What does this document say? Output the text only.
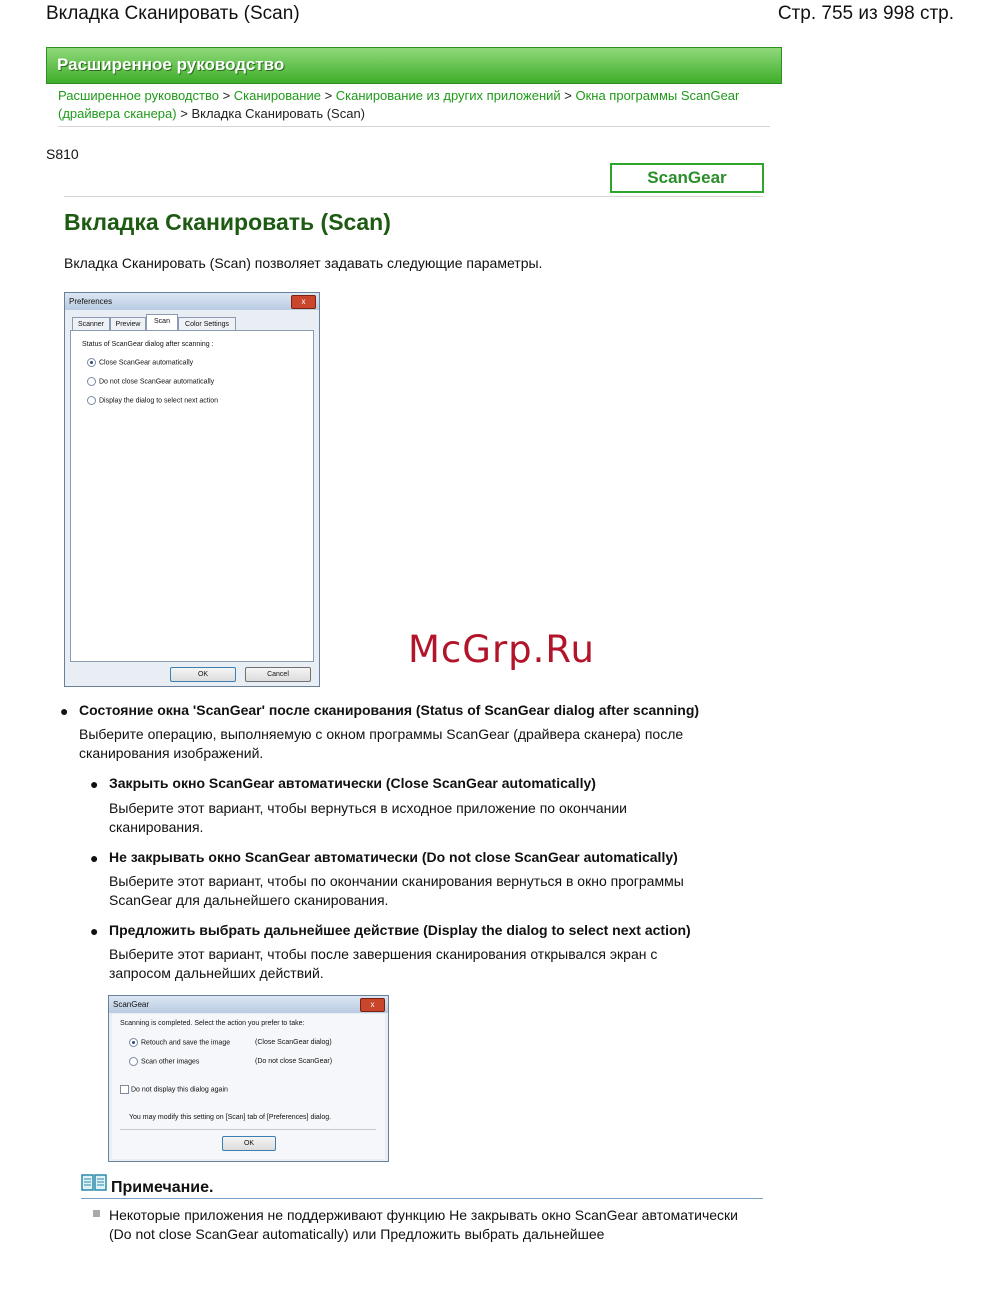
Вкладка Сканировать (Scan)	Стр. 755 из 998 стр.
Расширенное руководство
Расширенное руководство > Сканирование > Сканирование из других приложений > Окна программы ScanGear (драйвера сканера) > Вкладка Сканировать (Scan)
S810
ScanGear
Вкладка Сканировать (Scan)
Вкладка Сканировать (Scan) позволяет задавать следующие параметры.
Preferences	x
Scanner	Preview	Scan	Color Settings
Status of ScanGear dialog after scanning :
Close ScanGear automatically
Do not close ScanGear automatically
Display the dialog to select next action
OK	Cancel
McGrp.Ru
● Состояние окна 'ScanGear' после сканирования (Status of ScanGear dialog after scanning)
Выберите операцию, выполняемую с окном программы ScanGear (драйвера сканера) после сканирования изображений.
● Закрыть окно ScanGear автоматически (Close ScanGear automatically)
Выберите этот вариант, чтобы вернуться в исходное приложение по окончании сканирования.
● Не закрывать окно ScanGear автоматически (Do not close ScanGear automatically)
Выберите этот вариант, чтобы по окончании сканирования вернуться в окно программы ScanGear для дальнейшего сканирования.
● Предложить выбрать дальнейшее действие (Display the dialog to select next action)
Выберите этот вариант, чтобы после завершения сканирования открывался экран с запросом дальнейших действий.
ScanGear	x
Scanning is completed. Select the action you prefer to take:
Retouch and save the image	(Close ScanGear dialog)
Scan other images	(Do not close ScanGear)
Do not display this dialog again
You may modify this setting on [Scan] tab of [Preferences] dialog.
OK
Примечание.
Некоторые приложения не поддерживают функцию Не закрывать окно ScanGear автоматически (Do not close ScanGear automatically) или Предложить выбрать дальнейшее
